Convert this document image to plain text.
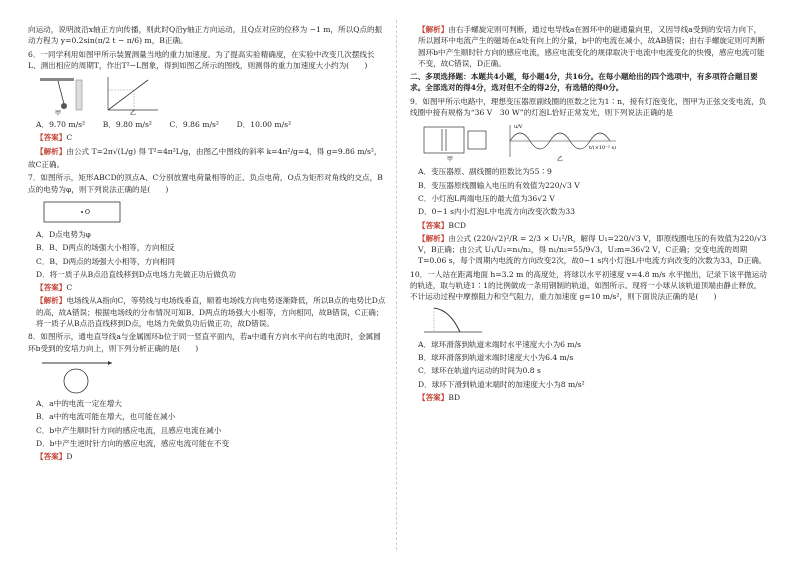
向运动，说明波沿x轴正方向传播，则此时Q沿y轴正方向运动，且Q点对应的位移为 −1 m，所以Q点的振动方程为 y=0.2sin(π/2 t − π/6) m，B正确。

6．一同学利用如图甲所示装置测量当地的重力加速度。为了提高实验精确度，在实验中改变几次摆线长L、测出相应的周期T，作出T²−L图象，得到如图乙所示的图线，则测得的重力加速度大小约为(　　)

甲	乙

A．9.70 m/s²　　 B．9.80 m/s²　　 C．9.86 m/s²　　 D．10.00 m/s²

【答案】C

【解析】由公式 T=2π√(L/g) 得 T²=4π²L/g，由图乙中图线的斜率 k=4π²/g=4，得 g=9.86 m/s²，

故C正确。

7．如图所示，矩形ABCD的顶点A、C分别放置电荷量相等的正、负点电荷，O点为矩形对角线的交点，B点的电势为φ，则下列说法正确的是(　　)

O

A．D点电势为φ

B．B、D两点的场强大小相等，方向相反

C．B、D两点的场强大小相等，方向相同

D．将一质子从B点沿直线移到D点电场力先做正功后做负功

【答案】C

【解析】电场线从A指向C，等势线与电场线垂直，顺着电场线方向电势逐渐降低，所以B点的电势比D点的高，故A错误；根据电场线的分布情况可知B、D两点的场强大小相等，方向相同，故B错误，C正确；将一质子从B点沿直线移到D点，电场力先做负功后做正功，故D错误。

8．如图所示，通电直导线a与金属圆环b位于同一竖直平面内，若a中通有方向水平向右的电流时，金属圆环b受到的安培力向上，则下列分析正确的是(　　)

A．a中的电流一定在增大

B．a中的电流可能在增大，也可能在减小

C．b中产生顺时针方向的感应电流，且感应电流在减小

D．b中产生逆时针方向的感应电流，感应电流可能在不变

【答案】D

【解析】由右手螺旋定则可判断，通过电导线a在圆环中的磁通量向里，又因导线a受到的安培力向下，所以圆环中电流产生的磁场在a处有向上的分量，b中的电流在减小，故AB错误；由右手螺旋定则可判断圆环b中产生顺时针方向的感应电流，感应电流变化的规律取决于电流中电流变化的快慢，感应电流可能不变，故C错误，D正确。

二、多项选择题：本题共4小题，每小题4分，共16分。在每小题给出的四个选项中，有多项符合题目要求。全部选对的得4分，选对但不全的得2分，有选错的得0分。

9．如图甲所示电路中，理想变压器原副线圈的匝数之比为1∶n，接有灯泡变化，图甲为正弦交变电流，负线圈中接有规格为“36 V　30 W”的灯泡L恰好正常发光，则下列说法正确的是

甲
u/V
t/(×10⁻² s)
乙

A．变压器原、副线圈的匝数比为55∶9

B．变压器原线圈输入电压的有效值为220/√3 V

C．小灯泡L两端电压的最大值为36√2 V

D．0~1 s内小灯泡L中电流方向改变次数为33

【答案】BCD

【解析】由公式 (220/√2)²/R = 2/3 × U₁²/R，解得 U₁=220/√3 V，即原线圈电压的有效值为220/√3 V，B正确；由公式 U₁/U₂=n₁/n₂，得 n₁/n₂=55/9√3，U₂m=36√2 V，C正确；交变电流的周期T=0.06 s，每个周期内电流的方向改变2次，故0~1 s内小灯泡L中电流方向改变的次数为33，D正确。

10．一人站在距离地面 h=3.2 m 的高度处，将球以水平初速度 v=4.8 m/s 水平抛出，记录下该平抛运动的轨迹，取与轨迹1∶1的比例做成一条用钢制的轨道，如图所示。现将一小球从该轨道顶端由静止释放，不计运动过程中摩擦阻力和空气阻力，重力加速度 g=10 m/s²，则下面说法正确的是(　　)

A．球环滑落到轨道末端时水平速度大小为6 m/s

B．球环滑落到轨道末端时速度大小为6.4 m/s

C．球环在轨道内运动的时间为0.8 s

D．球环下滑到轨道末端时的加速度大小为8 m/s²

【答案】BD
